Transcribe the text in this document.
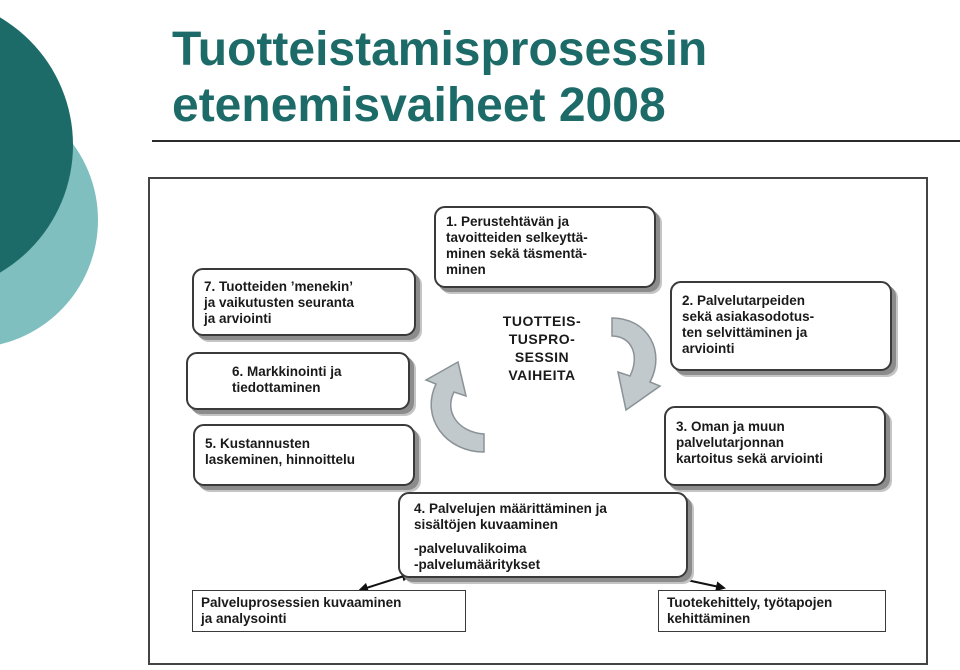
Tuotteistamisprosessin
etenemisvaiheet 2008
1. Perustehtävän ja
tavoitteiden selkeyttä-
minen sekä täsmentä-
minen
2. Palvelutarpeiden
sekä asiakasodotus-
ten selvittäminen ja
arviointi
3. Oman ja muun
palvelutarjonnan
kartoitus sekä arviointi
4. Palvelujen määrittäminen ja
sisältöjen kuvaaminen
-palveluvalikoima
-palvelumääritykset
5. Kustannusten
laskeminen, hinnoittelu
6. Markkinointi ja
tiedottaminen
7. Tuotteiden ’menekin’
ja vaikutusten seuranta
ja arviointi	TUOTTEIS-
TUSPRO-
SESSIN
VAIHEITA
Palveluprosessien kuvaaminen
ja analysointi
Tuotekehittely, työtapojen
kehittäminen
